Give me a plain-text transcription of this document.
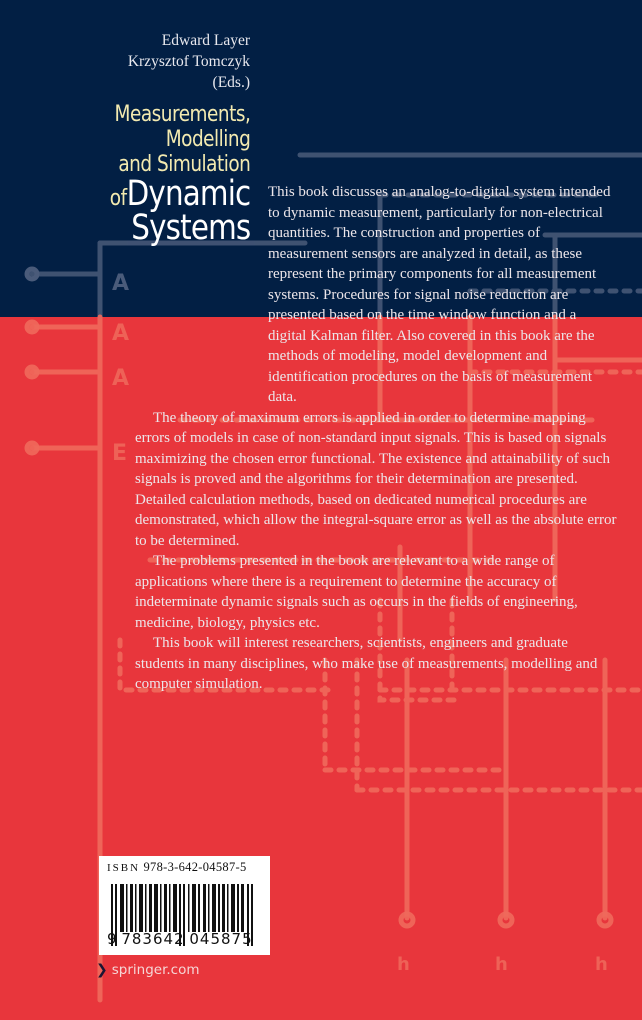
A
A
E
h	h	h
A
Edward Layer
Krzysztof Tomczyk
(Eds.)
Measurements,
Modelling
and Simulation
ofDynamic
Systems

This book discusses an analog-to-digital system intended to dynamic measurement, particularly for non-electrical quantities. The construction and properties of measurement sensors are analyzed in detail, as these represent the primary components for all measurement systems. Procedures for signal noise reduction are presented based on the time window function and a digital Kalman filter. Also covered in this book are the methods of modeling, model development and identification procedures on the basis of measurement data.

The theory of maximum errors is applied in order to determine mapping errors of models in case of non-standard input signals. This is based on signals maximizing the chosen error functional. The existence and attainability of such signals is proved and the algorithms for their determination are presented.

Detailed calculation methods, based on dedicated numerical procedures are demonstrated, which allow the integral-square error as well as the absolute error to be determined.

The problems presented in the book are relevant to a wide range of applications where there is a requirement to determine the accuracy of indeterminate dynamic signals such as occurs in the fields of engineering, medicine, biology, physics etc.

This book will interest researchers, scientists, engineers and graduate students in many disciplines, who make use of measurements, modelling and computer simulation.

ISBN 978-3-642-04587-5
9 783642 045875
❯ springer.com
